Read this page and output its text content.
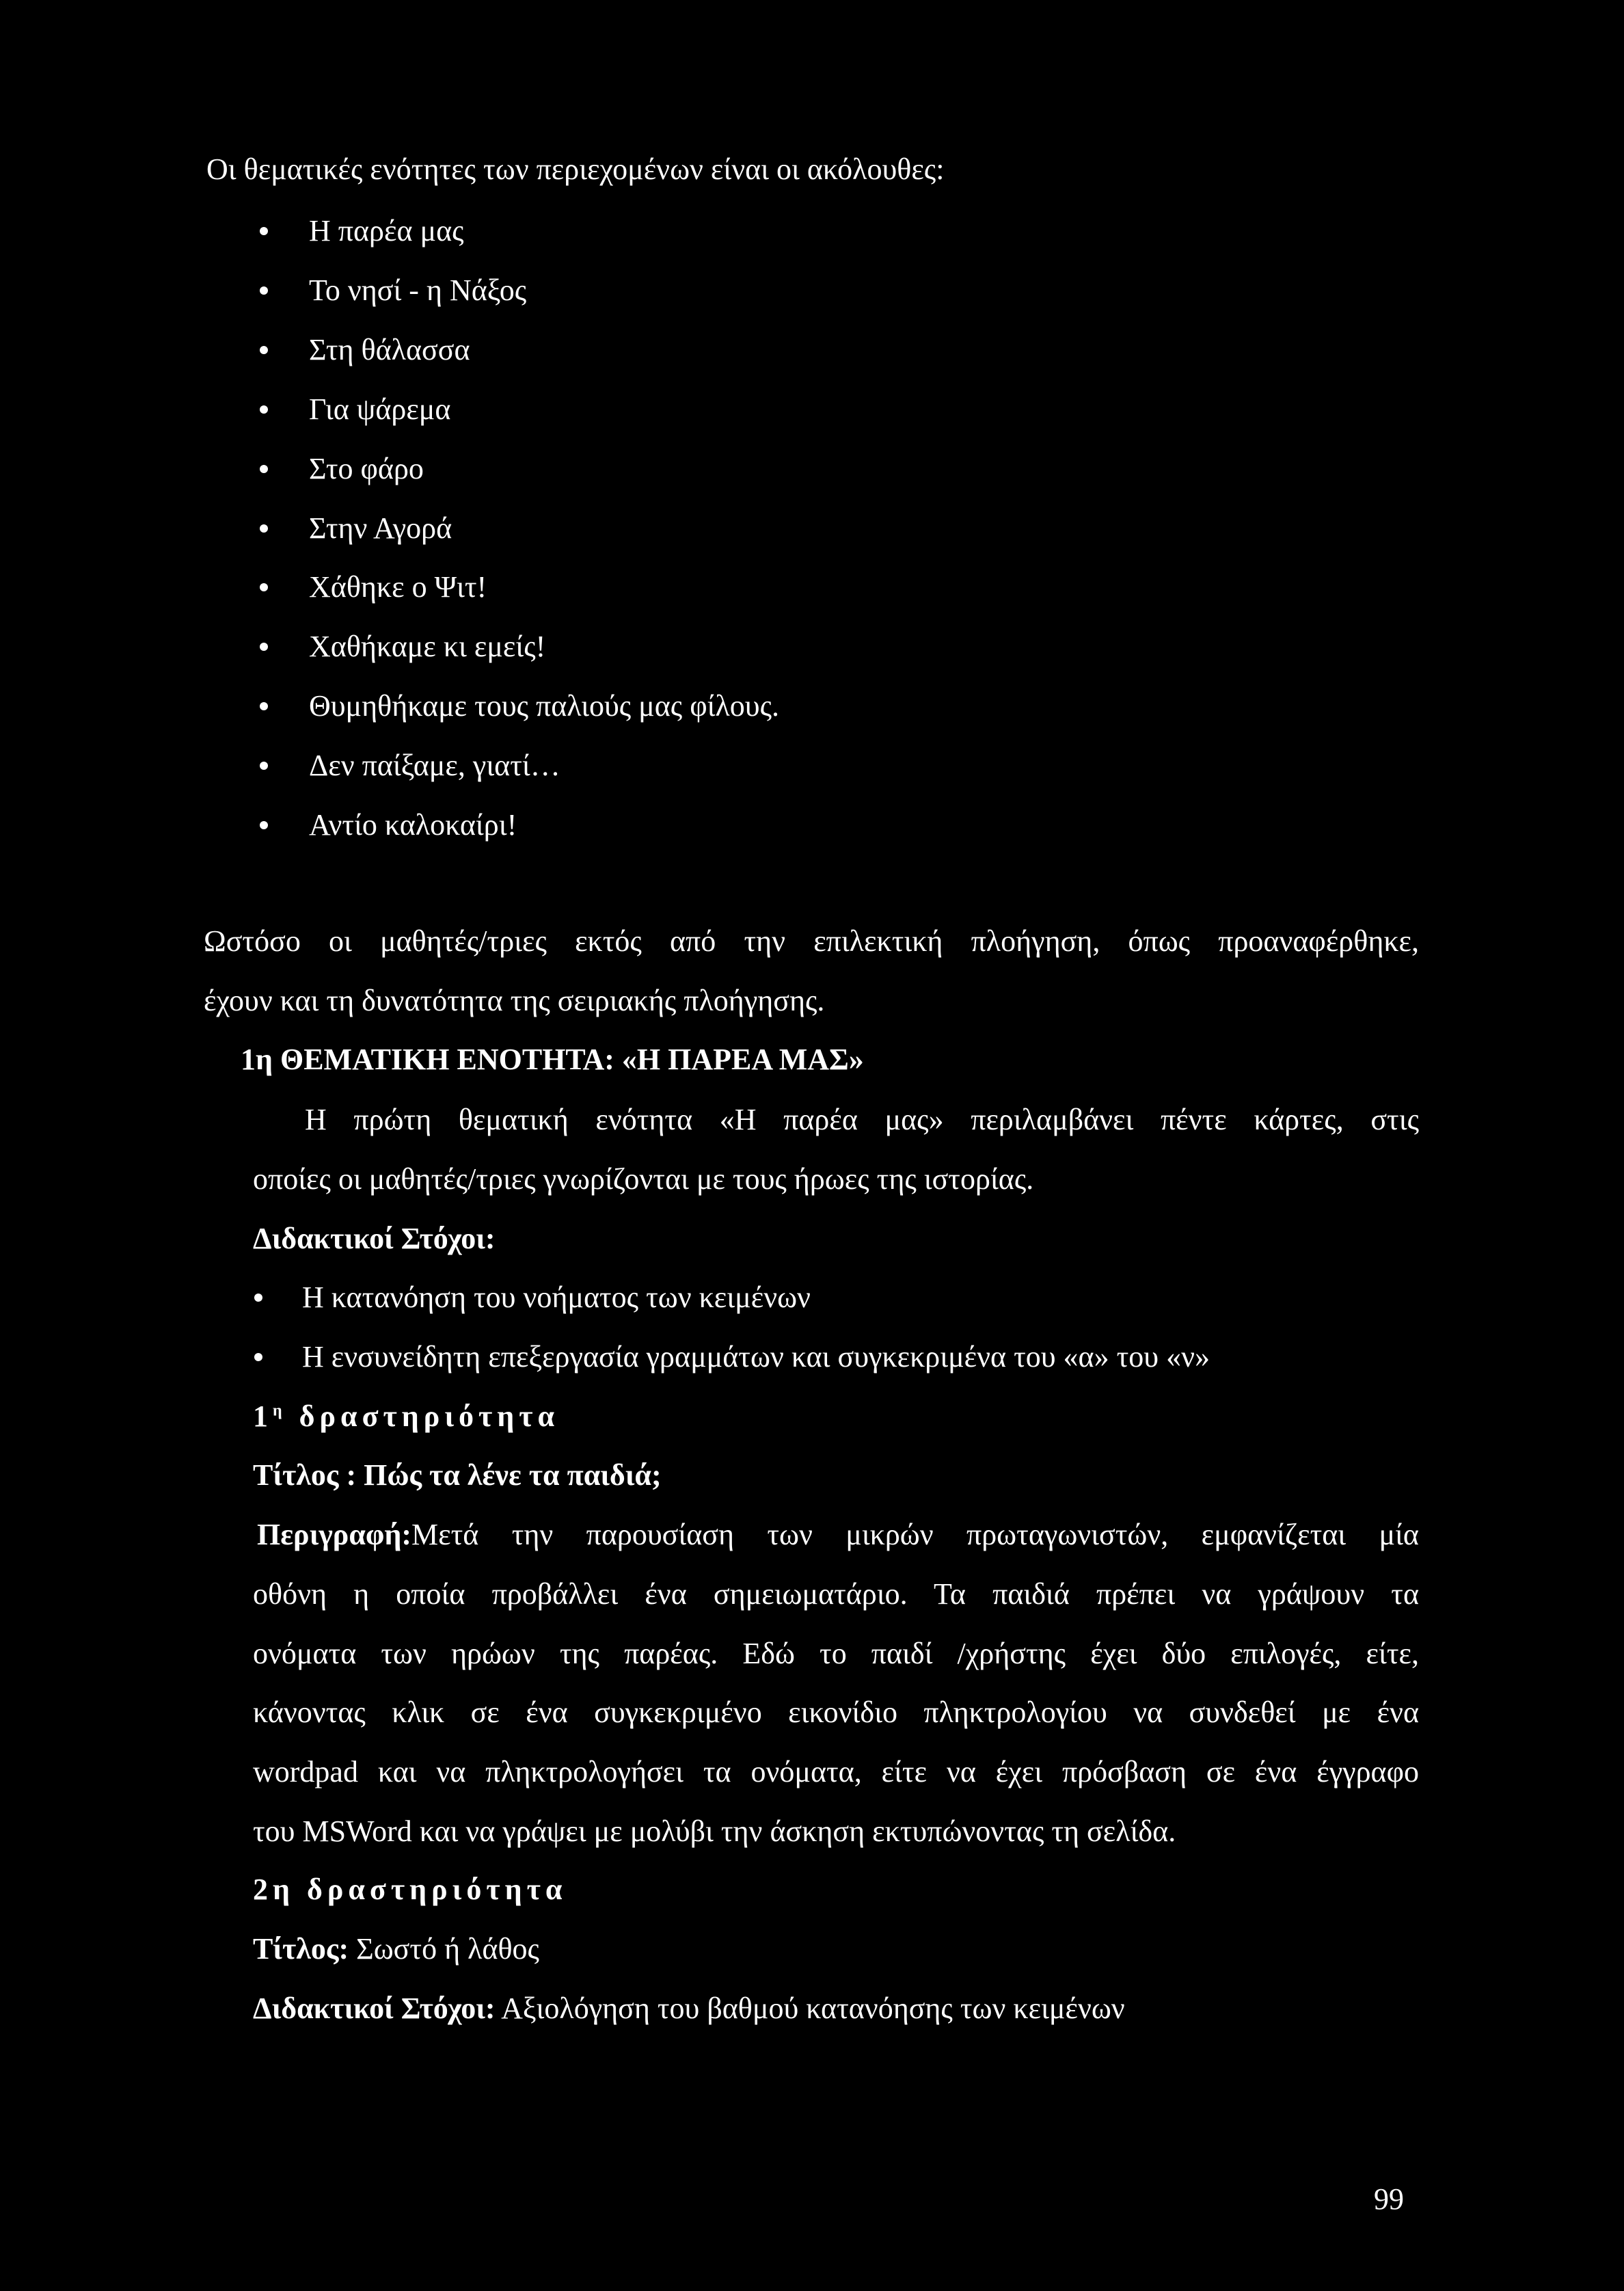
Οι θεματικές ενότητες των περιεχομένων είναι οι ακόλουθες:

Η παρέα μας

Το νησί - η Νάξος

Στη θάλασσα

Για ψάρεμα

Στο φάρο

Στην Αγορά

Χάθηκε ο Ψιτ!

Χαθήκαμε κι εμείς!

Θυμηθήκαμε τους παλιούς μας φίλους.

Δεν παίξαμε, γιατί…

Αντίο καλοκαίρι!

Ωστόσο οι μαθητές/τριες εκτός από την επιλεκτική πλοήγηση, όπως προαναφέρθηκε,

έχουν και τη δυνατότητα της σειριακής πλοήγησης.

1η ΘΕΜΑΤΙΚΗ ΕΝΟΤΗΤΑ: «Η ΠΑΡΕΑ ΜΑΣ»

Η πρώτη θεματική ενότητα «Η παρέα μας» περιλαμβάνει πέντε κάρτες, στις

οποίες οι μαθητές/τριες γνωρίζονται με τους ήρωες της ιστορίας.

Διδακτικοί Στόχοι:

Η κατανόηση του νοήματος των κειμένων

Η ενσυνείδητη επεξεργασία γραμμάτων και συγκεκριμένα του «α» του «ν»

$1^\eta$ δραστηριότητα

Τίτλος : Πώς τα λένε τα παιδιά;

Περιγραφή:Μετά την παρουσίαση των μικρών πρωταγωνιστών, εμφανίζεται μία

οθόνη η οποία προβάλλει ένα σημειωματάριο. Τα παιδιά πρέπει να γράψουν τα

ονόματα των ηρώων της παρέας. Εδώ το παιδί /χρήστης έχει δύο επιλογές, είτε,

κάνοντας κλικ σε ένα συγκεκριμένο εικονίδιο πληκτρολογίου να συνδεθεί με ένα

wordpad και να πληκτρολογήσει τα ονόματα, είτε να έχει πρόσβαση σε ένα έγγραφο

του MSWord και να γράψει με μολύβι την άσκηση εκτυπώνοντας τη σελίδα.

2η δραστηριότητα

Τίτλος: Σωστό ή λάθος

Διδακτικοί Στόχοι: Αξιολόγηση του βαθμού κατανόησης των κειμένων

99
